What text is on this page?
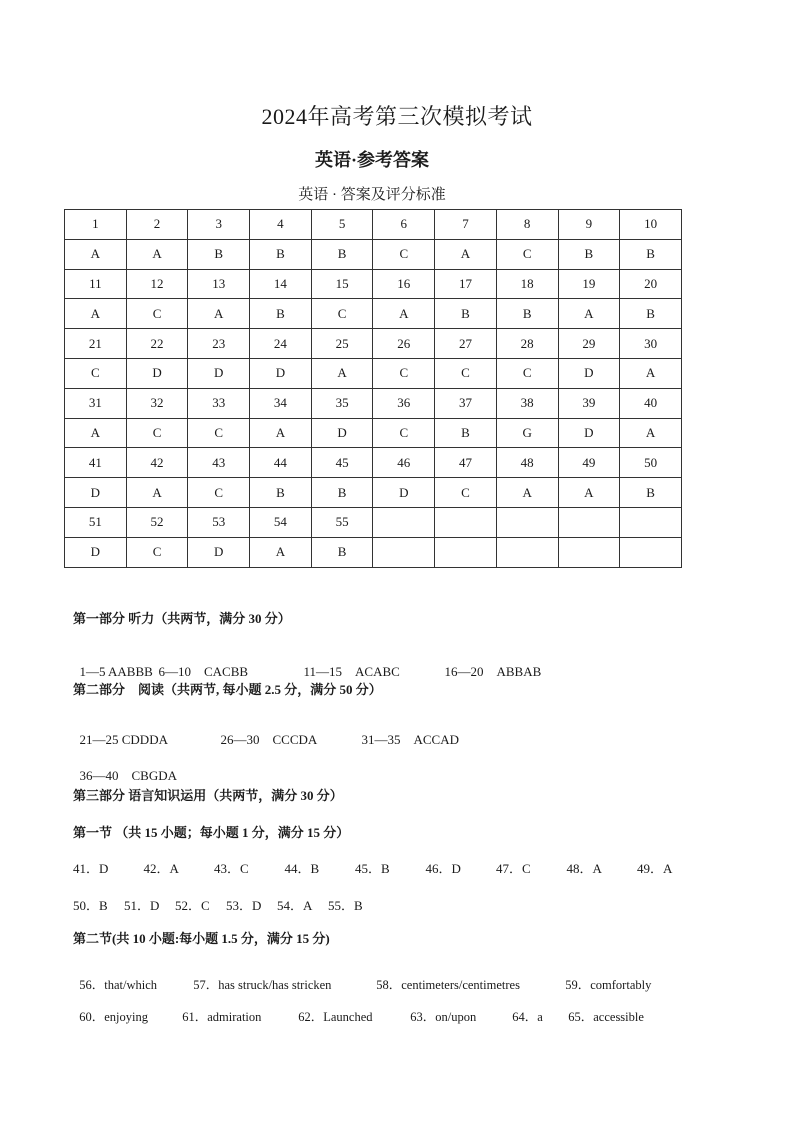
2024年高考第三次模拟考试
英语·参考答案
英语 · 答案及评分标准
1	2	3	4	5	6	7	8	9	10
A	A	B	B	B	C	A	C	B	B
11	12	13	14	15	16	17	18	19	20
A	C	A	B	C	A	B	B	A	B
21	22	23	24	25	26	27	28	29	30
C	D	D	D	A	C	C	C	D	A
31	32	33	34	35	36	37	38	39	40
A	C	C	A	D	C	B	G	D	A
41	42	43	44	45	46	47	48	49	50
D	A	C	B	B	D	C	A	A	B
51	52	53	54	55					
D	C	D	A	B					
第一部分 听力（共两节，满分 30 分）

1—5 AABBB 6—10　CACBB	11—15　ACABC	16—20　ABBAB

第二部分　阅读（共两节, 每小题 2.5 分，满分 50 分）

21—25 CDDDA	26—30　CCCDA	31—35　ACCAD

36—40　CBGDA

第三部分 语言知识运用（共两节，满分 30 分）
第一节 （共 15 小题；每小题 1 分，满分 15 分）
41．D	42．A	43．C	44．B	45．B	46．D	47．C	48．A	49．A
50．B 51．D 52．C 53．D 54．A 55．B
第二节(共 10 小题:每小题 1.5 分，满分 15 分)

56．that/which	57．has struck/has stricken	58．centimeters/centimetres	59．comfortably

60．enjoying	61．admiration	62．Launched	63．on/upon	64．a 65．accessible
